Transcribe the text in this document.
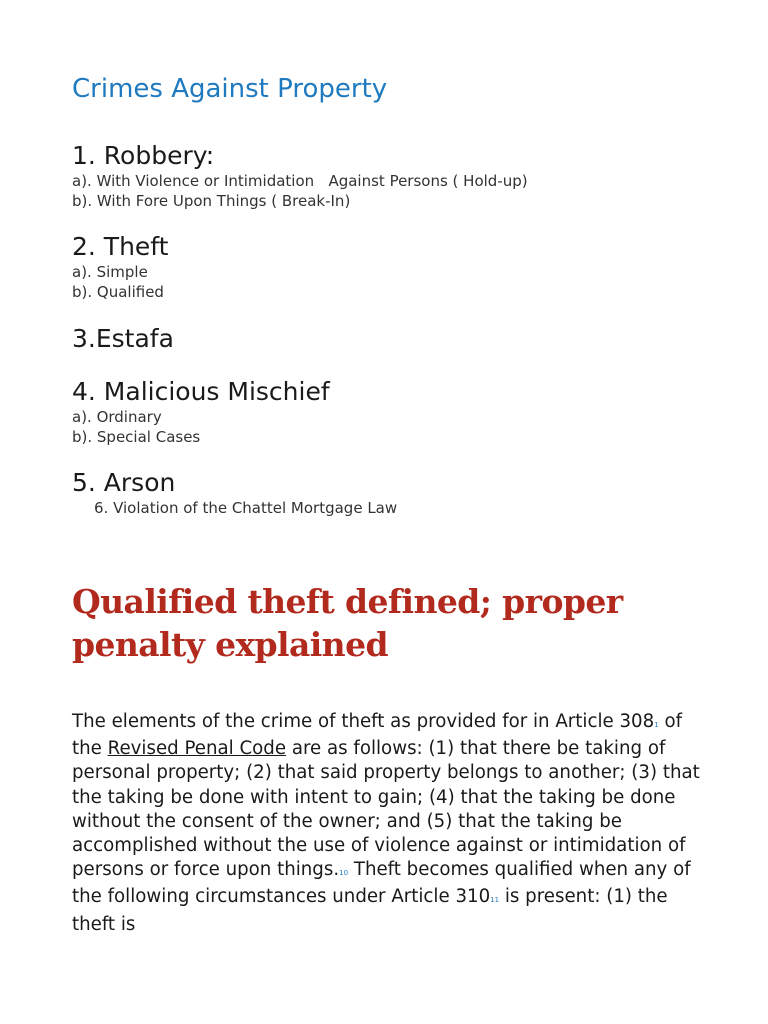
Crimes Against Property

1. Robbery:

a). With Violence or Intimidation   Against Persons ( Hold-up)

b). With Fore Upon Things ( Break-In)

2. Theft

a). Simple

b). Qualified

3.Estafa

4. Malicious Mischief

a). Ordinary

b). Special Cases

5. Arson

6. Violation of the Chattel Mortgage Law

Qualified theft defined; proper penalty explained

The elements of the crime of theft as provided for in Article 3081 of the Revised Penal Code are as follows: (1) that there be taking of personal property; (2) that said property belongs to another; (3) that the taking be done with intent to gain; (4) that the taking be done without the consent of the owner; and (5) that the taking be accomplished without the use of violence against or intimidation of persons or force upon things.10 Theft becomes qualified when any of the following circumstances under Article 31011 is present: (1) the theft is
